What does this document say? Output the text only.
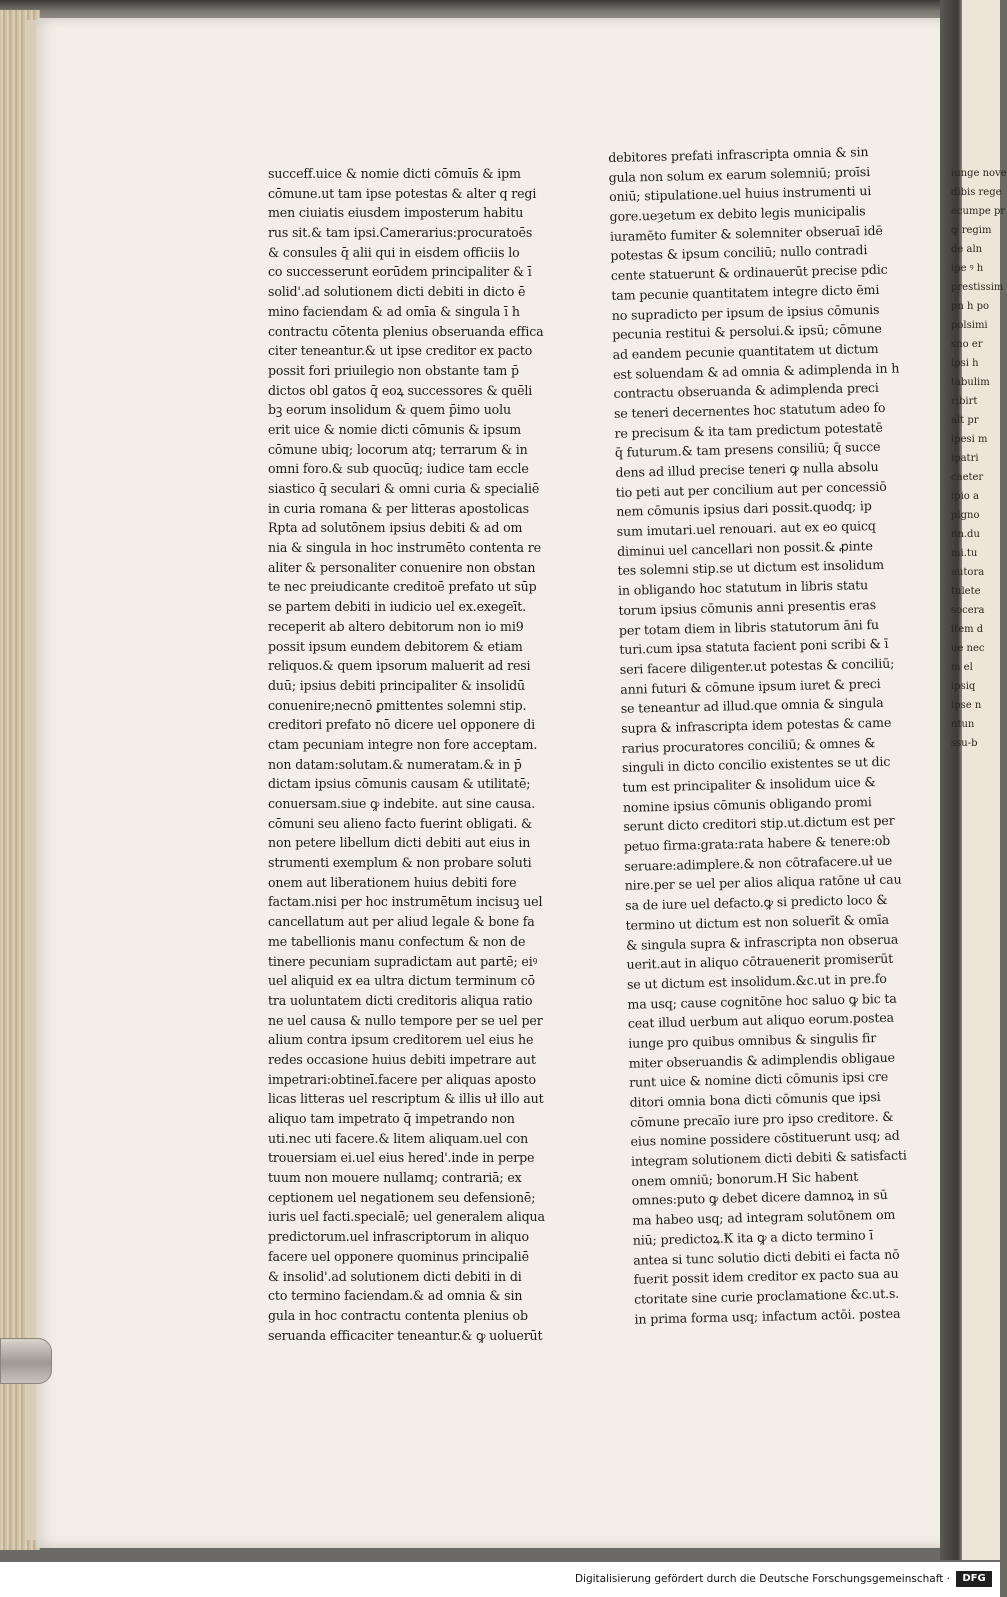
succeff.uice & nomie dicti cōmuīs & ipm
cōmune.ut tam ipse potestas & alter q regi
men ciuiatis eiusdem imposterum habitu
rus sit.& tam ipsi.Camerarius:procuratoēs
& consules q̄ alii qui in eisdem officiis lo
co successerunt eorūdem principaliter & ī
solid'.ad solutionem dicti debiti in dicto ē
mino faciendam & ad omīa & singula ī h
contractu cōtenta plenius obseruanda effica
citer teneantur.& ut ipse creditor ex pacto
possit fori priuilegio non obstante tam p̄
dictos obl gatos q̄ eoꝝ successores & quēli
bꝫ eorum insolidum & quem p̄imo uolu
erit uice & nomie dicti cōmunis & ipsum
cōmune ubiq; locorum atq; terrarum & in
omni foro.& sub quocūq; iudice tam eccle
siastico q̄ seculari & omni curia & specialiē
in curia romana & per litteras apostolicas
Rpta ad solutōnem ipsius debiti & ad om
nia & singula in hoc instrumēto contenta re
aliter & personaliter conuenire non obstan
te nec preiudicante creditoē prefato ut sūp
se partem debiti in iudicio uel ex.exegeīt.
receperit ab altero debitorum non io mi9
possit ipsum eundem debitorem & etiam
reliquos.& quem ipsorum maluerit ad resi
duū; ipsius debiti principaliter & insolidū
conuenire;necnō ꝑmittentes solemni stip.
creditori prefato nō dicere uel opponere di
ctam pecuniam integre non fore acceptam.
non datam:solutam.& numeratam.& in p̄
dictam ipsius cōmunis causam & utilitatē;
conuersam.siue ꝙ indebite. aut sine causa.
cōmuni seu alieno facto fuerint obligati. &
non petere libellum dicti debiti aut eius in
strumenti exemplum & non probare soluti
onem aut liberationem huius debiti fore
factam.nisi per hoc instrumētum incisuꝫ uel
cancellatum aut per aliud legale & bone fa
me tabellionis manu confectum & non de
tinere pecuniam supradictam aut partē; eiꝰ
uel aliquid ex ea ultra dictum terminum cō
tra uoluntatem dicti creditoris aliqua ratio
ne uel causa & nullo tempore per se uel per
alium contra ipsum creditorem uel eius he
redes occasione huius debiti impetrare aut
impetrari:obtineī.facere per aliquas aposto
licas litteras uel rescriptum & illis uł illo aut
aliquo tam impetrato q̄ impetrando non
uti.nec uti facere.& litem aliquam.uel con
trouersiam ei.uel eius hered'.inde in perpe
tuum non mouere nullamq; contrariā; ex
ceptionem uel negationem seu defensionē;
iuris uel facti.specialē; uel generalem aliqua
predictorum.uel infrascriptorum in aliquo
facere uel opponere quominus principaliē
& insolid'.ad solutionem dicti debiti in di
cto termino faciendam.& ad omnia & sin
gula in hoc contractu contenta plenius ob
seruanda efficaciter teneantur.& ꝙ uoluerūt
debitores prefati infrascripta omnia & sin
gula non solum ex earum solemniū; proīsi
oniū; stipulatione.uel huius instrumenti ui
gore.ueȝetum ex debito legis municipalis
iuramēto fumiter & solemniter obseruaī idē
potestas & ipsum conciliū; nullo contradi
cente statuerunt & ordinauerūt precise pdic
tam pecunie quantitatem integre dicto ēmi
no supradicto per ipsum de ipsius cōmunis
pecunia restitui & persolui.& ipsū; cōmune
ad eandem pecunie quantitatem ut dictum
est soluendam & ad omnia & adimplenda in h
contractu obseruanda & adimplenda preci
se teneri decernentes hoc statutum adeo fo
re precisum & ita tam predictum potestatē
q̄ futurum.& tam presens consiliū; q̄ succe
dens ad illud precise teneri ꝙ nulla absolu
tio peti aut per concilium aut per concessiō
nem cōmunis ipsius dari possit.quodq; ip
sum imutari.uel renouari. aut ex eo quicq
diminui uel cancellari non possit.& ꝓinte
tes solemni stip.se ut dictum est insolidum
in obligando hoc statutum in libris statu
torum ipsius cōmunis anni presentis eras
per totam diem in libris statutorum āni fu
turi.cum ipsa statuta facient poni scribi & ī
seri facere diligenter.ut potestas & conciliū;
anni futuri & cōmune ipsum iuret & preci
se teneantur ad illud.que omnia & singula
supra & infrascripta idem potestas & came
rarius procuratores conciliū; & omnes &
singuli in dicto concilio existentes se ut dic
tum est principaliter & insolidum uice &
nomine ipsius cōmunis obligando promi
serunt dicto creditori stip.ut.dictum est per
petuo firma:grata:rata habere & tenere:ob
seruare:adimplere.& non cōtrafacere.uł ue
nire.per se uel per alios aliqua ratōne uł cau
sa de iure uel defacto.ꝙ si predicto loco &
termino ut dictum est non soluerīt & omīa
& singula supra & infrascripta non obserua
uerit.aut in aliquo cōtrauenerit promiserūt
se ut dictum est insolidum.&c.ut in pre.fo
ma usq; cause cognitōne hoc saluo ꝙ bic ta
ceat illud uerbum aut aliquo eorum.postea
iunge pro quibus omnibus & singulis fir
miter obseruandis & adimplendis obligaue
runt uice & nomine dicti cōmunis ipsi cre
ditori omnia bona dicti cōmunis que ipsi
cōmune precaīo iure pro ipso creditore. &
eius nomine possidere cōstituerunt usq; ad
integram solutionem dicti debiti & satisfacti
onem omniū; bonorum.H Sic habent
omnes:puto ꝙ debet dicere damnoꝝ in sū
ma habeo usq; ad integram solutōnem om
niū; predictoꝝ.Ꝁ ita ꝙ a dicto termino ī
antea si tunc solutio dicti debiti ei facta nō
fuerit possit idem creditor ex pacto sua au
ctoritate sine curie proclamatione &c.ut.s.
in prima forma usq; infactum actōi. postea
iunge nove
dibis rege
ecumpe pr
ꝙ regim
de aln
ipe ꝰ h
prestissim
pn h po
polsimi
sno er
ipsi h
tabulim
ribirt
alt pr
ipesi m
ipatri
caeter
ipio a
pigno
nn.du
mi.tu
autora
tulete
socera
item d
ue nec
m el
ipsiq
ipse n
ntun
ssu-b
Digitalisierung gefördert durch die Deutsche Forschungsgemeinschaft ·	DFG
